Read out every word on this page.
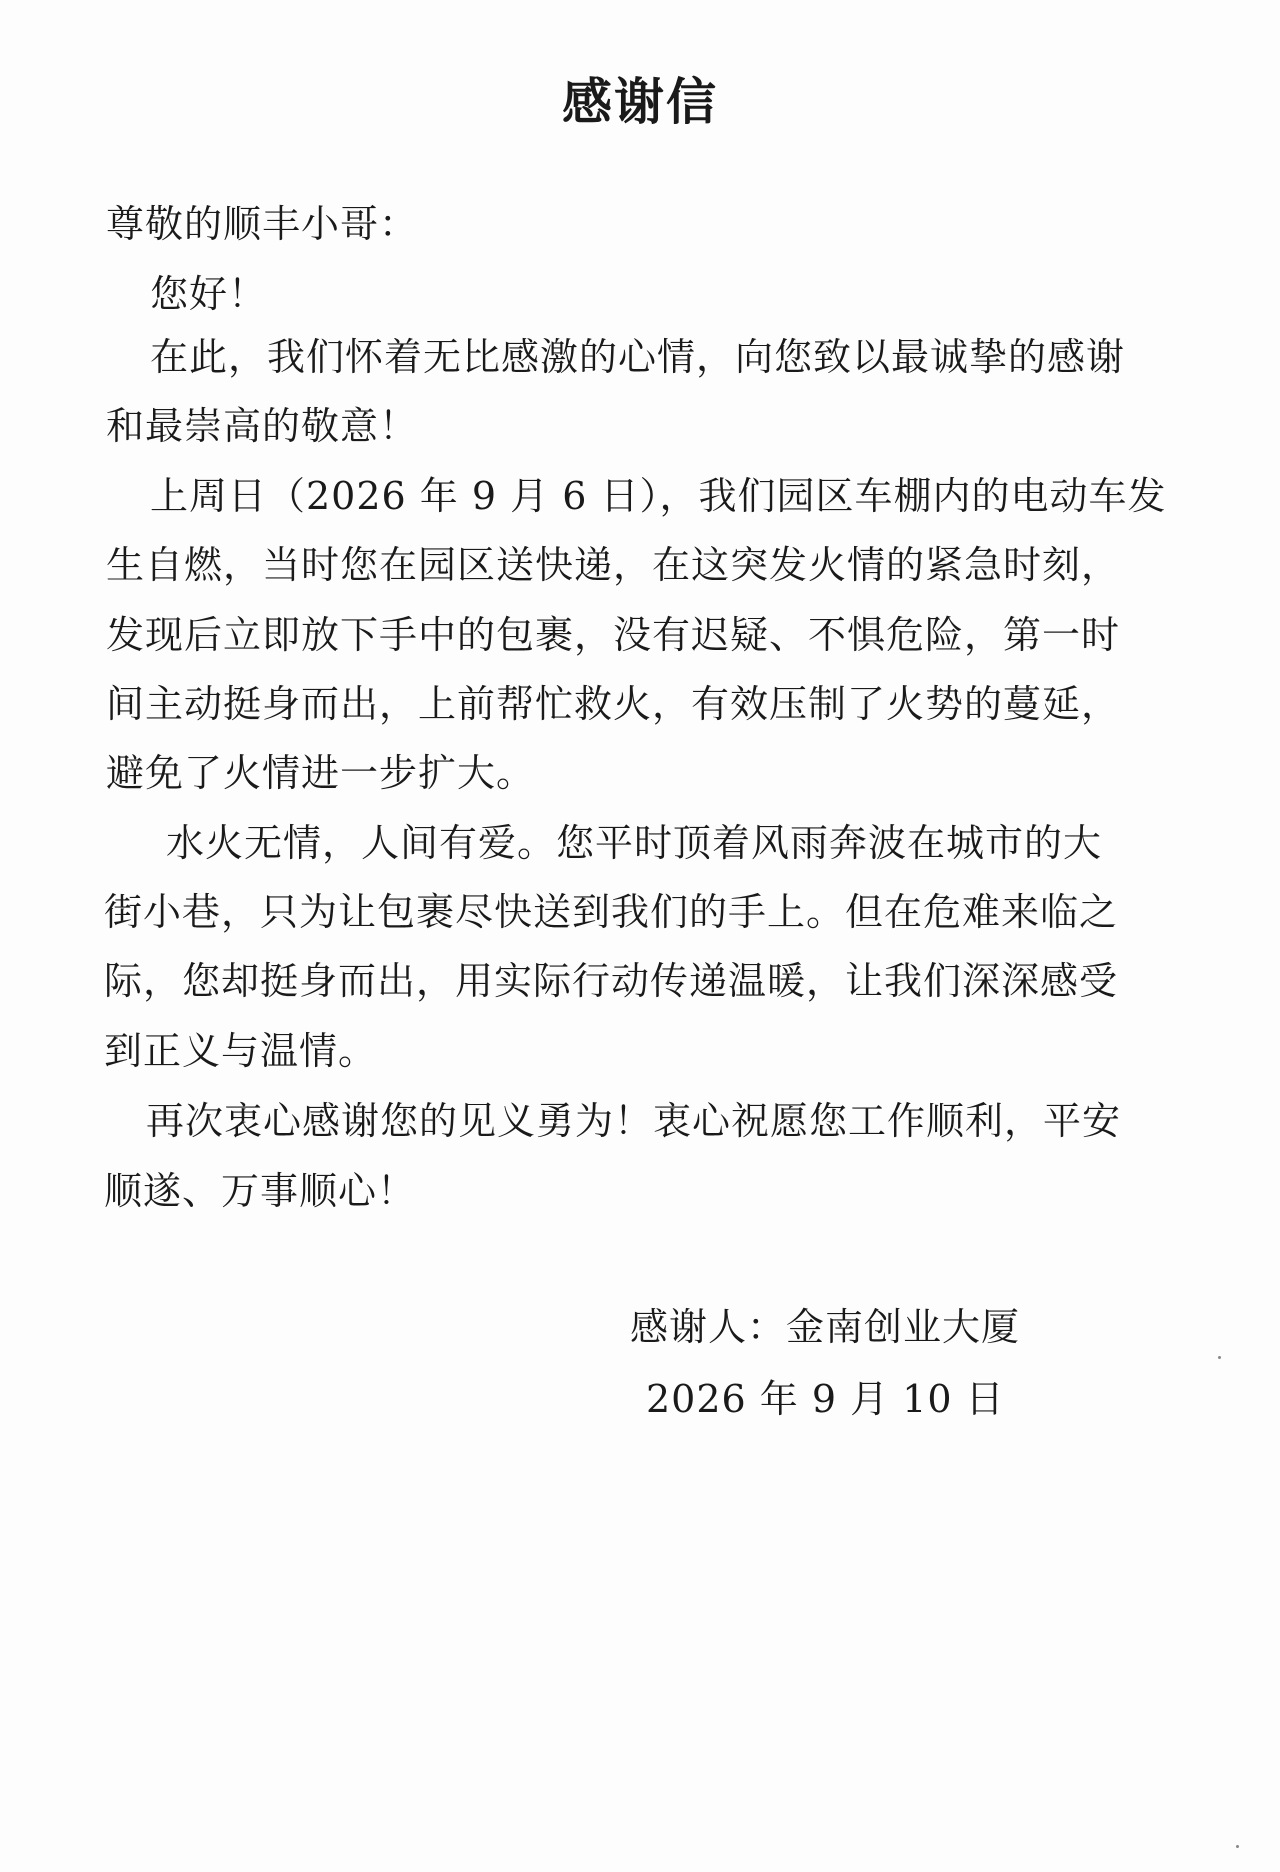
感谢信

尊敬的顺丰小哥：

您好！

在此，我们怀着无比感激的心情，向您致以最诚挚的感谢

和最崇高的敬意！

上周日（2026 年 9 月 6 日），我们园区车棚内的电动车发

生自燃，当时您在园区送快递，在这突发火情的紧急时刻，

发现后立即放下手中的包裹，没有迟疑、不惧危险，第一时

间主动挺身而出，上前帮忙救火，有效压制了火势的蔓延，

避免了火情进一步扩大。

水火无情，人间有爱。您平时顶着风雨奔波在城市的大

街小巷，只为让包裹尽快送到我们的手上。但在危难来临之

际，您却挺身而出，用实际行动传递温暖，让我们深深感受

到正义与温情。

再次衷心感谢您的见义勇为！衷心祝愿您工作顺利，平安

顺遂、万事顺心！

感谢人：金南创业大厦

2026 年 9 月 10 日
